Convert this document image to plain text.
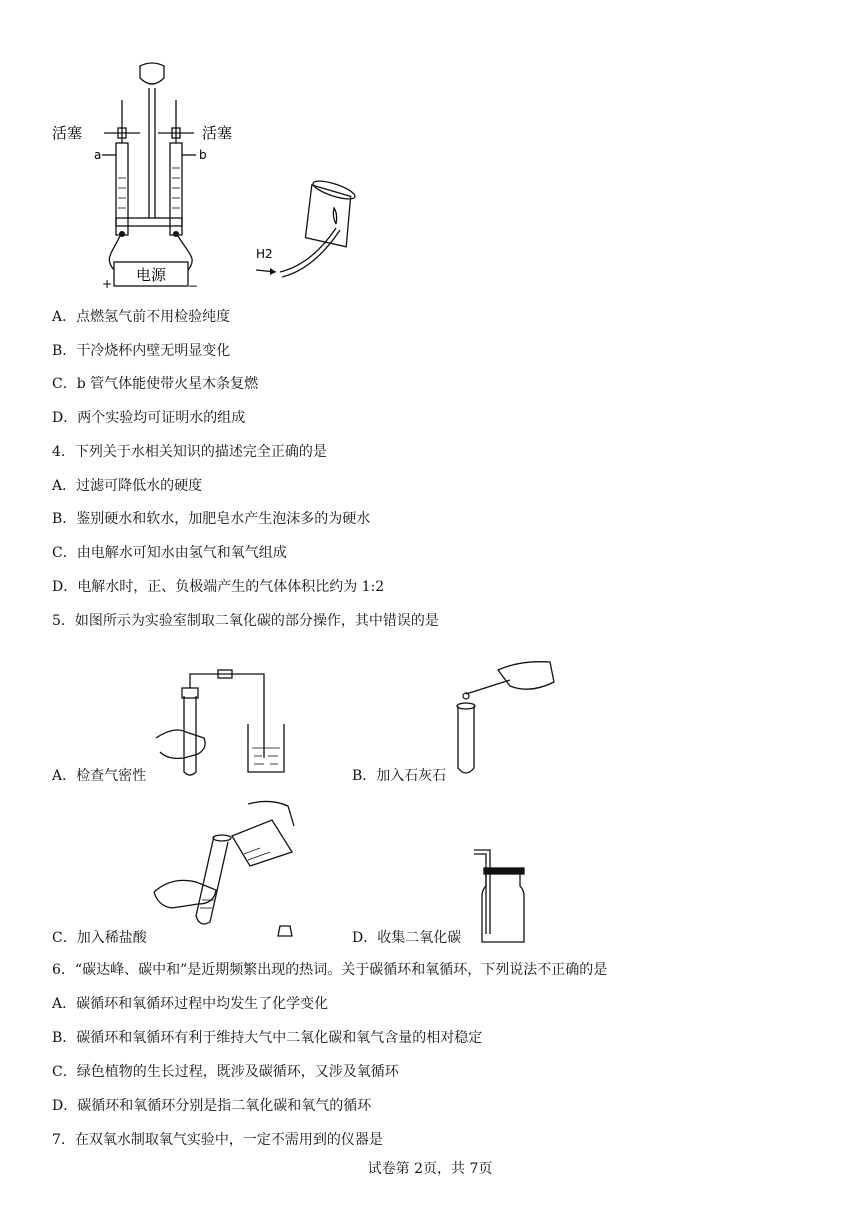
活塞	活塞
a	b
电源
+	−
H2
A．点燃氢气前不用检验纯度
B．干冷烧杯内壁无明显变化
C．b 管气体能使带火星木条复燃
D．两个实验均可证明水的组成
4．下列关于水相关知识的描述完全正确的是
A．过滤可降低水的硬度
B．鉴别硬水和软水，加肥皂水产生泡沫多的为硬水
C．由电解水可知水由氢气和氧气组成
D．电解水时，正、负极端产生的气体体积比约为 1:2
5．如图所示为实验室制取二氧化碳的部分操作，其中错误的是
A．检查气密性	B．加入石灰石
C．加入稀盐酸	D．收集二氧化碳
6．“碳达峰、碳中和”是近期频繁出现的热词。关于碳循环和氧循环，下列说法不正确的是
A．碳循环和氧循环过程中均发生了化学变化
B．碳循环和氧循环有利于维持大气中二氧化碳和氧气含量的相对稳定
C．绿色植物的生长过程，既涉及碳循环，又涉及氧循环
D．碳循环和氧循环分别是指二氧化碳和氧气的循环
7．在双氧水制取氧气实验中，一定不需用到的仪器是
试卷第 2页，共 7页
